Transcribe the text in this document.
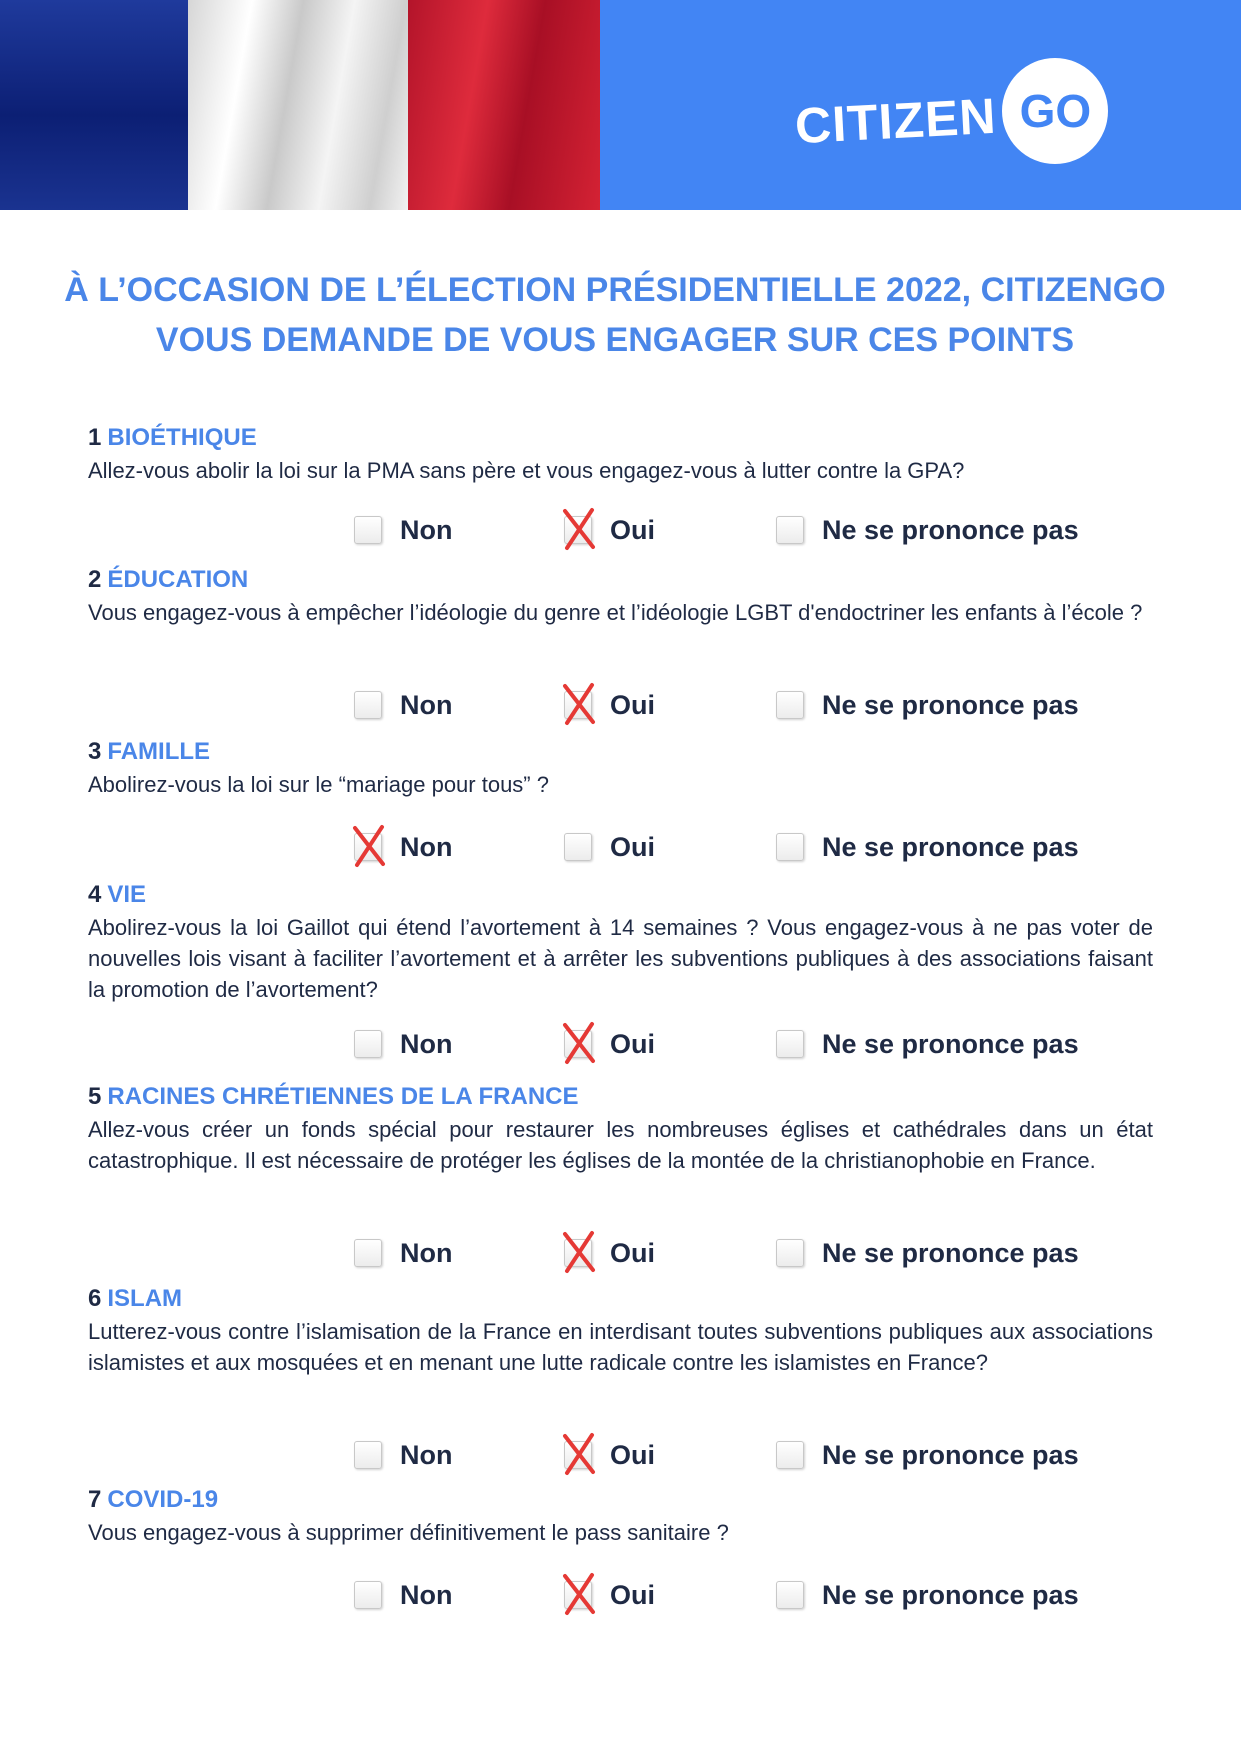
CITIZEN GO
À L’OCCASION DE L’ÉLECTION PRÉSIDENTIELLE 2022, CITIZENGO VOUS DEMANDE DE VOUS ENGAGER SUR CES POINTS
1 BIOÉTHIQUE
Allez-vous abolir la loi sur la PMA sans père et vous engagez-vous à lutter contre la GPA?
Non	Oui	Ne se prononce pas
2 ÉDUCATION
Vous engagez-vous à empêcher l’idéologie du genre et l’idéologie LGBT d'endoctriner les enfants à l’école ?
Non	Oui	Ne se prononce pas
3 FAMILLE
Abolirez-vous la loi sur le “mariage pour tous” ?
Non	Oui	Ne se prononce pas
4 VIE
Abolirez-vous la loi Gaillot qui étend l’avortement à 14 semaines ? Vous engagez-vous à ne pas voter de nouvelles lois visant à faciliter l’avortement et à arrêter les subventions publiques à des associations faisant la promotion de l’avortement?
Non	Oui	Ne se prononce pas
5 RACINES CHRÉTIENNES DE LA FRANCE
Allez-vous créer un fonds spécial pour restaurer les nombreuses églises et cathédrales dans un état catastrophique. Il est nécessaire de protéger les églises de la montée de la christianophobie en France.
Non	Oui	Ne se prononce pas
6 ISLAM
Lutterez-vous contre l’islamisation de la France en interdisant toutes subventions publiques aux associations islamistes et aux mosquées et en menant une lutte radicale contre les islamistes en France?
Non	Oui	Ne se prononce pas
7 COVID-19
Vous engagez-vous à supprimer définitivement le pass sanitaire ?
Non	Oui	Ne se prononce pas
